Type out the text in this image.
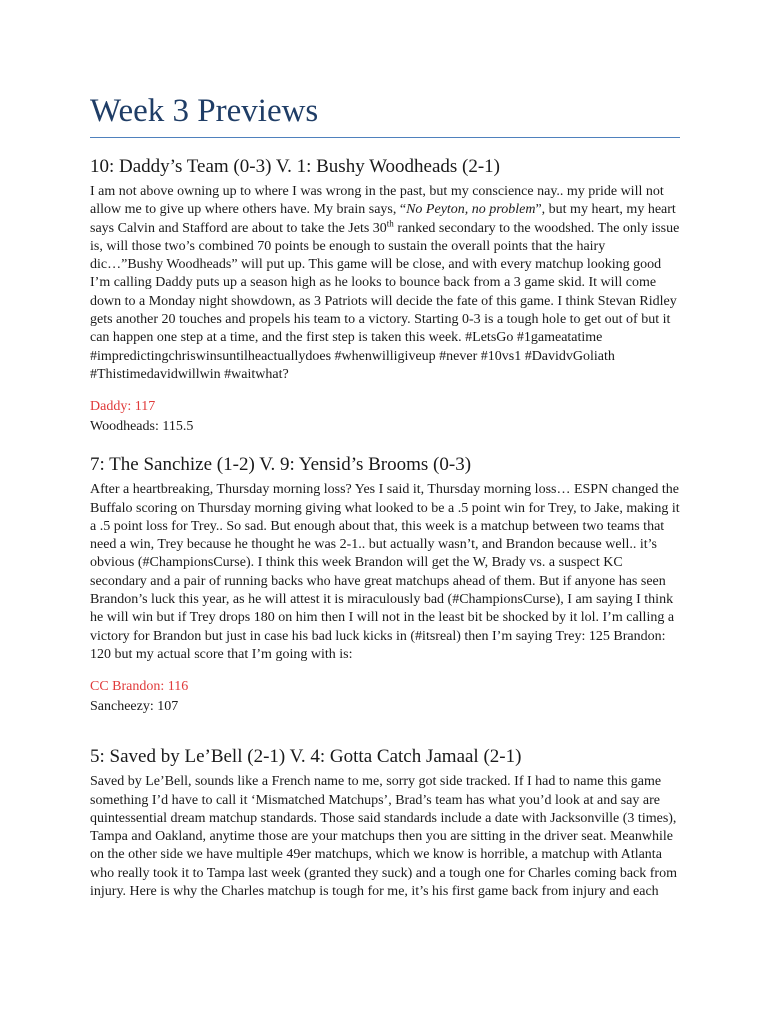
Week 3 Previews
10: Daddy’s Team (0-3) V. 1: Bushy Woodheads (2-1)

I am not above owning up to where I was wrong in the past, but my conscience nay.. my pride will not allow me to give up where others have. My brain says, “No Peyton, no problem”, but my heart, my heart says Calvin and Stafford are about to take the Jets 30th ranked secondary to the woodshed. The only issue is, will those two’s combined 70 points be enough to sustain the overall points that the hairy dic…”Bushy Woodheads” will put up. This game will be close, and with every matchup looking good I’m calling Daddy puts up a season high as he looks to bounce back from a 3 game skid. It will come down to a Monday night showdown, as 3 Patriots will decide the fate of this game. I think Stevan Ridley gets another 20 touches and propels his team to a victory. Starting 0-3 is a tough hole to get out of but it can happen one step at a time, and the first step is taken this week. #LetsGo #1gameatatime #impredictingchriswinsuntilheactuallydoes #whenwilligiveup #never #10vs1 #DavidvGoliath #Thistimedavidwillwin #waitwhat?

Daddy: 117
Woodheads: 115.5
7: The Sanchize (1-2) V. 9: Yensid’s Brooms (0-3)

After a heartbreaking, Thursday morning loss? Yes I said it, Thursday morning loss… ESPN changed the Buffalo scoring on Thursday morning giving what looked to be a .5 point win for Trey, to Jake, making it a .5 point loss for Trey.. So sad. But enough about that, this week is a matchup between two teams that need a win, Trey because he thought he was 2-1.. but actually wasn’t, and Brandon because well.. it’s obvious (#ChampionsCurse). I think this week Brandon will get the W, Brady vs. a suspect KC secondary and a pair of running backs who have great matchups ahead of them. But if anyone has seen Brandon’s luck this year, as he will attest it is miraculously bad (#ChampionsCurse), I am saying I think he will win but if Trey drops 180 on him then I will not in the least bit be shocked by it lol. I’m calling a victory for Brandon but just in case his bad luck kicks in (#itsreal) then I’m saying Trey: 125 Brandon: 120 but my actual score that I’m going with is:

CC Brandon: 116
Sancheezy: 107
5: Saved by Le’Bell (2-1) V. 4: Gotta Catch Jamaal (2-1)

Saved by Le’Bell, sounds like a French name to me, sorry got side tracked. If I had to name this game something I’d have to call it ‘Mismatched Matchups’, Brad’s team has what you’d look at and say are quintessential dream matchup standards. Those said standards include a date with Jacksonville (3 times), Tampa and Oakland, anytime those are your matchups then you are sitting in the driver seat. Meanwhile on the other side we have multiple 49er matchups, which we know is horrible, a matchup with Atlanta who really took it to Tampa last week (granted they suck) and a tough one for Charles coming back from injury. Here is why the Charles matchup is tough for me, it’s his first game back from injury and each
